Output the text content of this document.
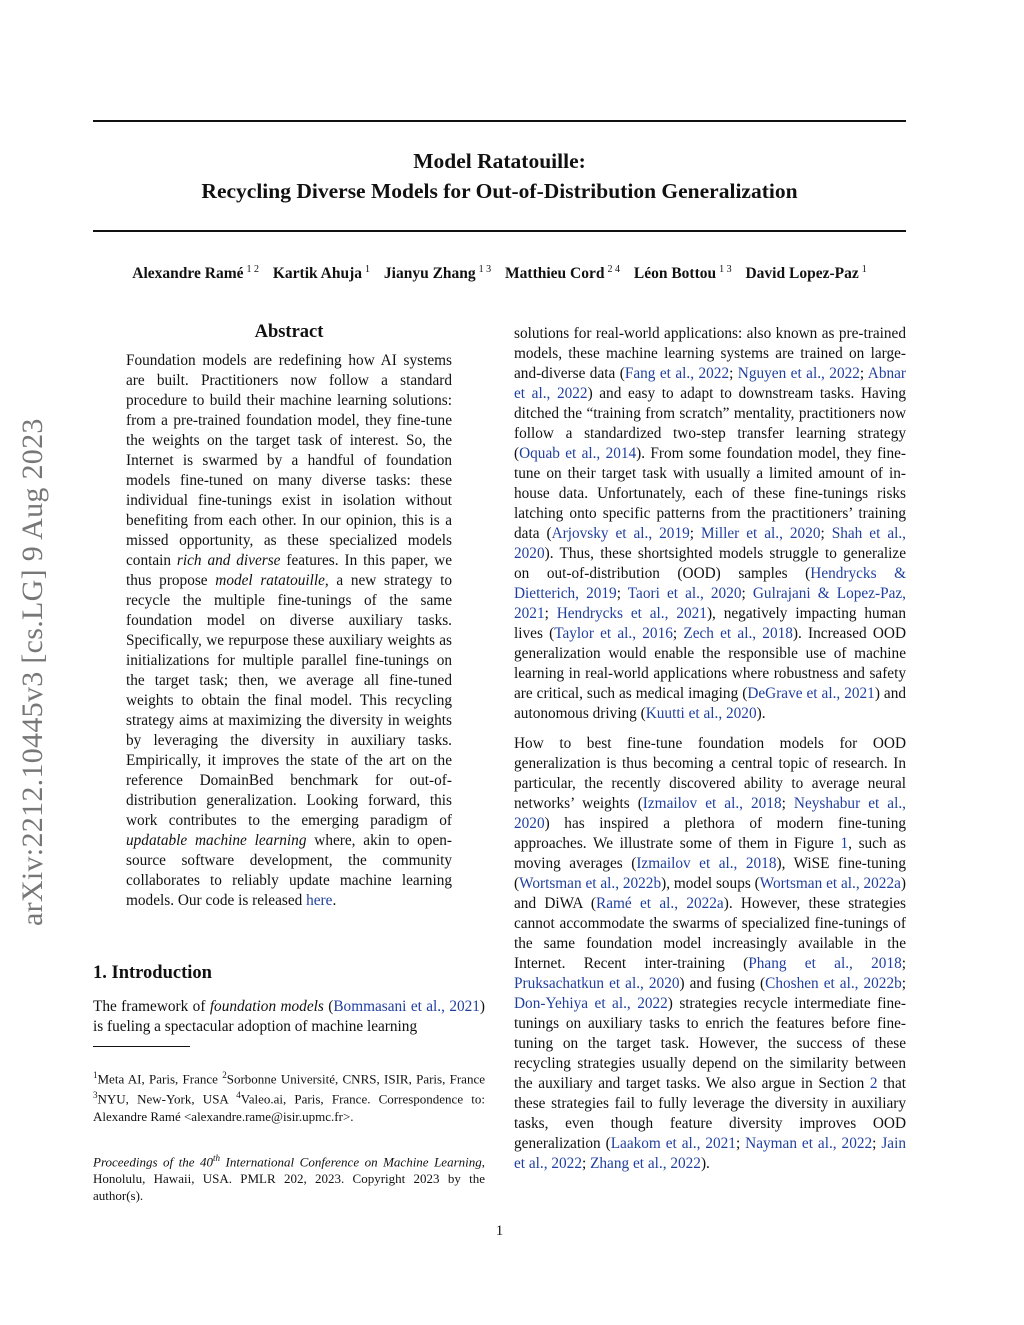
Model Ratatouille:
Recycling Diverse Models for Out-of-Distribution Generalization
Alexandre Ramé $^{1 2}$ Kartik Ahuja $^1$ Jianyu Zhang $^{1 3}$ Matthieu Cord $^{2 4}$ Léon Bottou $^{1 3}$ David Lopez-Paz $^1$
arXiv:2212.10445v3 [cs.LG] 9 Aug 2023
Abstract

Foundation models are redefining how AI systems are built. Practitioners now follow a standard procedure to build their machine learning solutions: from a pre-trained foundation model, they fine-tune the weights on the target task of interest. So, the Internet is swarmed by a handful of foundation models fine-tuned on many diverse tasks: these individual fine-tunings exist in isolation without benefiting from each other. In our opinion, this is a missed opportunity, as these specialized models contain rich and diverse features. In this paper, we thus propose model ratatouille, a new strategy to recycle the multiple fine-tunings of the same foundation model on diverse auxiliary tasks. Specifically, we repurpose these auxiliary weights as initializations for multiple parallel fine-tunings on the target task; then, we average all fine-tuned weights to obtain the final model. This recycling strategy aims at maximizing the diversity in weights by leveraging the diversity in auxiliary tasks. Empirically, it improves the state of the art on the reference DomainBed benchmark for out-of-distribution generalization. Looking forward, this work contributes to the emerging paradigm of updatable machine learning where, akin to open-source software development, the community collaborates to reliably update machine learning models. Our code is released here.

1. Introduction

The framework of foundation models (Bommasani et al., 2021) is fueling a spectacular adoption of machine learning

$^1$Meta AI, Paris, France $^2$Sorbonne Université, CNRS, ISIR, Paris, France $^3$NYU, New-York, USA $^4$Valeo.ai, Paris, France. Correspondence to: Alexandre Ramé <alexandre.rame@isir.upmc.fr>.

Proceedings of the 40th International Conference on Machine Learning, Honolulu, Hawaii, USA. PMLR 202, 2023. Copyright 2023 by the author(s).

solutions for real-world applications: also known as pre-trained models, these machine learning systems are trained on large-and-diverse data (Fang et al., 2022; Nguyen et al., 2022; Abnar et al., 2022) and easy to adapt to downstream tasks. Having ditched the “training from scratch” mentality, practitioners now follow a standardized two-step transfer learning strategy (Oquab et al., 2014). From some foundation model, they fine-tune on their target task with usually a limited amount of in-house data. Unfortunately, each of these fine-tunings risks latching onto specific patterns from the practitioners’ training data (Arjovsky et al., 2019; Miller et al., 2020; Shah et al., 2020). Thus, these shortsighted models struggle to generalize on out-of-distribution (OOD) samples (Hendrycks & Dietterich, 2019; Taori et al., 2020; Gulrajani & Lopez-Paz, 2021; Hendrycks et al., 2021), negatively impacting human lives (Taylor et al., 2016; Zech et al., 2018). Increased OOD generalization would enable the responsible use of machine learning in real-world applications where robustness and safety are critical, such as medical imaging (DeGrave et al., 2021) and autonomous driving (Kuutti et al., 2020).

How to best fine-tune foundation models for OOD generalization is thus becoming a central topic of research. In particular, the recently discovered ability to average neural networks’ weights (Izmailov et al., 2018; Neyshabur et al., 2020) has inspired a plethora of modern fine-tuning approaches. We illustrate some of them in Figure 1, such as moving averages (Izmailov et al., 2018), WiSE fine-tuning (Wortsman et al., 2022b), model soups (Wortsman et al., 2022a) and DiWA (Ramé et al., 2022a). However, these strategies cannot accommodate the swarms of specialized fine-tunings of the same foundation model increasingly available in the Internet. Recent inter-training (Phang et al., 2018; Pruksachatkun et al., 2020) and fusing (Choshen et al., 2022b; Don-Yehiya et al., 2022) strategies recycle intermediate fine-tunings on auxiliary tasks to enrich the features before fine-tuning on the target task. However, the success of these recycling strategies usually depend on the similarity between the auxiliary and target tasks. We also argue in Section 2 that these strategies fail to fully leverage the diversity in auxiliary tasks, even though feature diversity improves OOD generalization (Laakom et al., 2021; Nayman et al., 2022; Jain et al., 2022; Zhang et al., 2022).

1
